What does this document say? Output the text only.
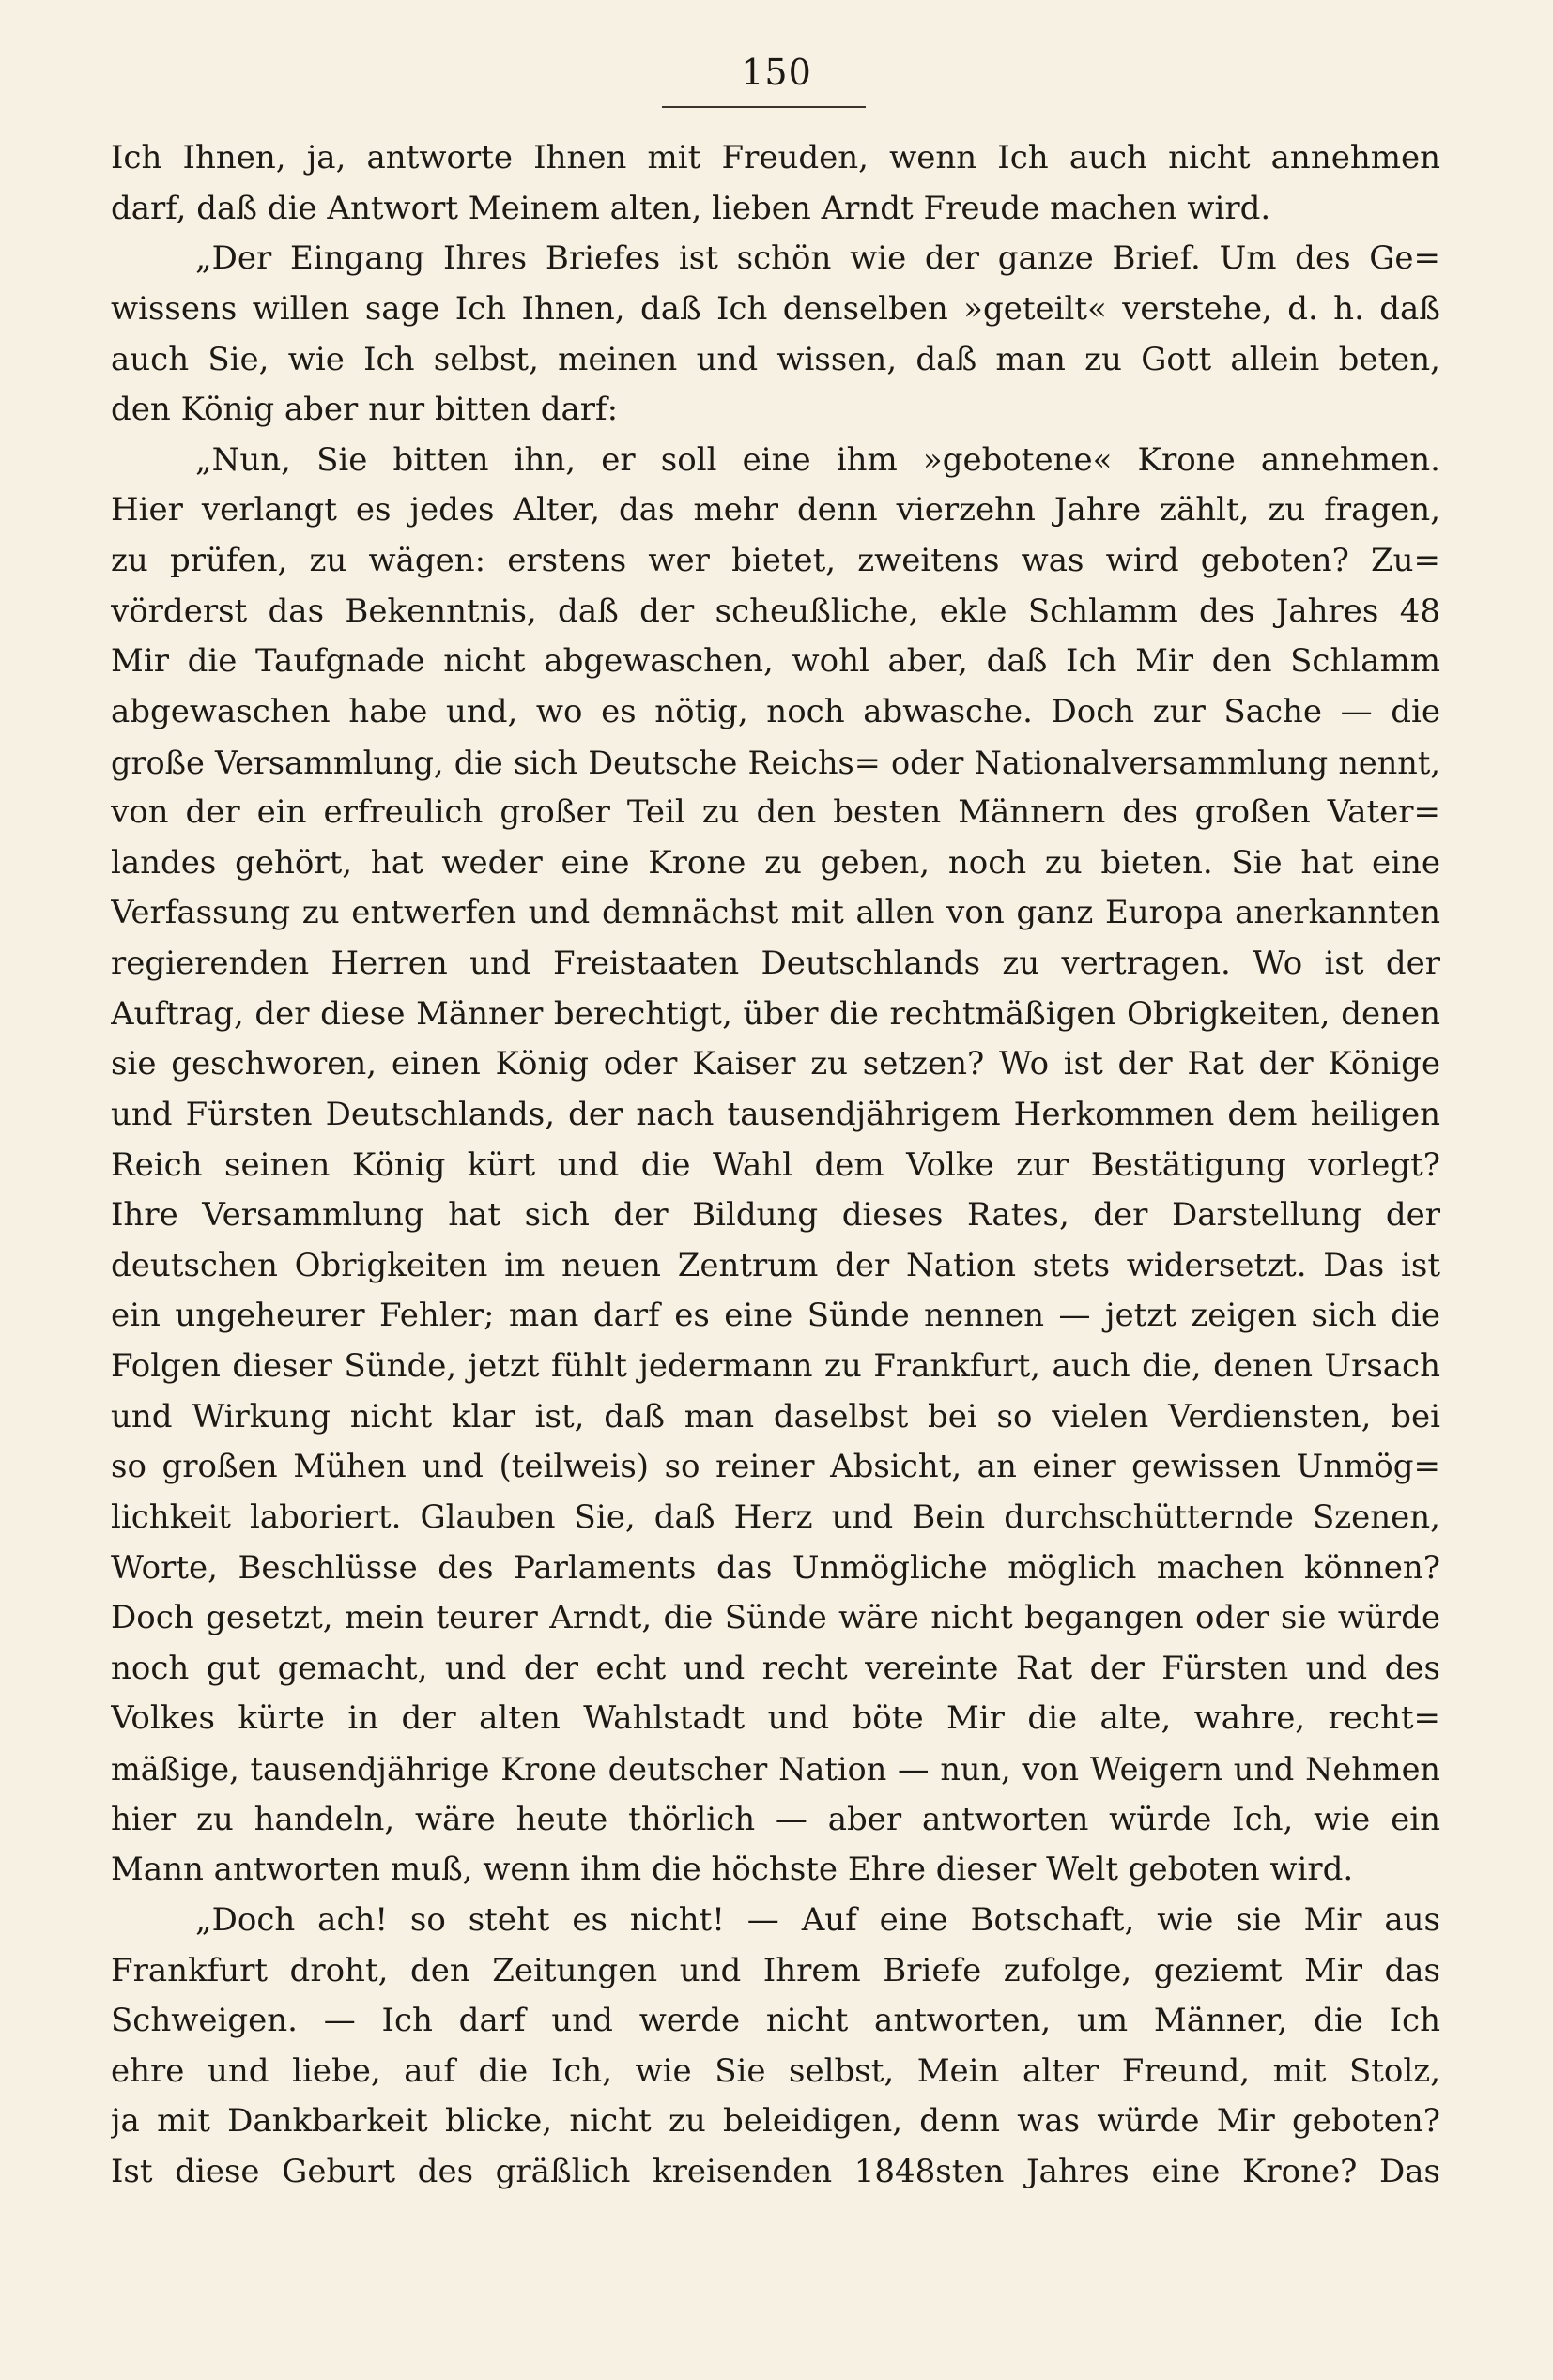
150
Ich Ihnen, ja, antworte Ihnen mit Freuden, wenn Ich auch nicht annehmen
darf, daß die Antwort Meinem alten, lieben Arndt Freude machen wird.
„Der Eingang Ihres Briefes ist schön wie der ganze Brief. Um des Ge=
wissens willen sage Ich Ihnen, daß Ich denselben »geteilt« verstehe, d. h. daß
auch Sie, wie Ich selbst, meinen und wissen, daß man zu Gott allein beten,
den König aber nur bitten darf:
„Nun, Sie bitten ihn, er soll eine ihm »gebotene« Krone annehmen.
Hier verlangt es jedes Alter, das mehr denn vierzehn Jahre zählt, zu fragen,
zu prüfen, zu wägen: erstens wer bietet, zweitens was wird geboten? Zu=
vörderst das Bekenntnis, daß der scheußliche, ekle Schlamm des Jahres 48
Mir die Taufgnade nicht abgewaschen, wohl aber, daß Ich Mir den Schlamm
abgewaschen habe und, wo es nötig, noch abwasche. Doch zur Sache — die
große Versammlung, die sich Deutsche Reichs= oder Nationalversammlung nennt,
von der ein erfreulich großer Teil zu den besten Männern des großen Vater=
landes gehört, hat weder eine Krone zu geben, noch zu bieten. Sie hat eine
Verfassung zu entwerfen und demnächst mit allen von ganz Europa anerkannten
regierenden Herren und Freistaaten Deutschlands zu vertragen. Wo ist der
Auftrag, der diese Männer berechtigt, über die rechtmäßigen Obrigkeiten, denen
sie geschworen, einen König oder Kaiser zu setzen? Wo ist der Rat der Könige
und Fürsten Deutschlands, der nach tausendjährigem Herkommen dem heiligen
Reich seinen König kürt und die Wahl dem Volke zur Bestätigung vorlegt?
Ihre Versammlung hat sich der Bildung dieses Rates, der Darstellung der
deutschen Obrigkeiten im neuen Zentrum der Nation stets widersetzt. Das ist
ein ungeheurer Fehler; man darf es eine Sünde nennen — jetzt zeigen sich die
Folgen dieser Sünde, jetzt fühlt jedermann zu Frankfurt, auch die, denen Ursach
und Wirkung nicht klar ist, daß man daselbst bei so vielen Verdiensten, bei
so großen Mühen und (teilweis) so reiner Absicht, an einer gewissen Unmög=
lichkeit laboriert. Glauben Sie, daß Herz und Bein durchschütternde Szenen,
Worte, Beschlüsse des Parlaments das Unmögliche möglich machen können?
Doch gesetzt, mein teurer Arndt, die Sünde wäre nicht begangen oder sie würde
noch gut gemacht, und der echt und recht vereinte Rat der Fürsten und des
Volkes kürte in der alten Wahlstadt und böte Mir die alte, wahre, recht=
mäßige, tausendjährige Krone deutscher Nation — nun, von Weigern und Nehmen
hier zu handeln, wäre heute thörlich — aber antworten würde Ich, wie ein
Mann antworten muß, wenn ihm die höchste Ehre dieser Welt geboten wird.
„Doch ach! so steht es nicht! — Auf eine Botschaft, wie sie Mir aus
Frankfurt droht, den Zeitungen und Ihrem Briefe zufolge, geziemt Mir das
Schweigen. — Ich darf und werde nicht antworten, um Männer, die Ich
ehre und liebe, auf die Ich, wie Sie selbst, Mein alter Freund, mit Stolz,
ja mit Dankbarkeit blicke, nicht zu beleidigen, denn was würde Mir geboten?
Ist diese Geburt des gräßlich kreisenden 1848sten Jahres eine Krone? Das
